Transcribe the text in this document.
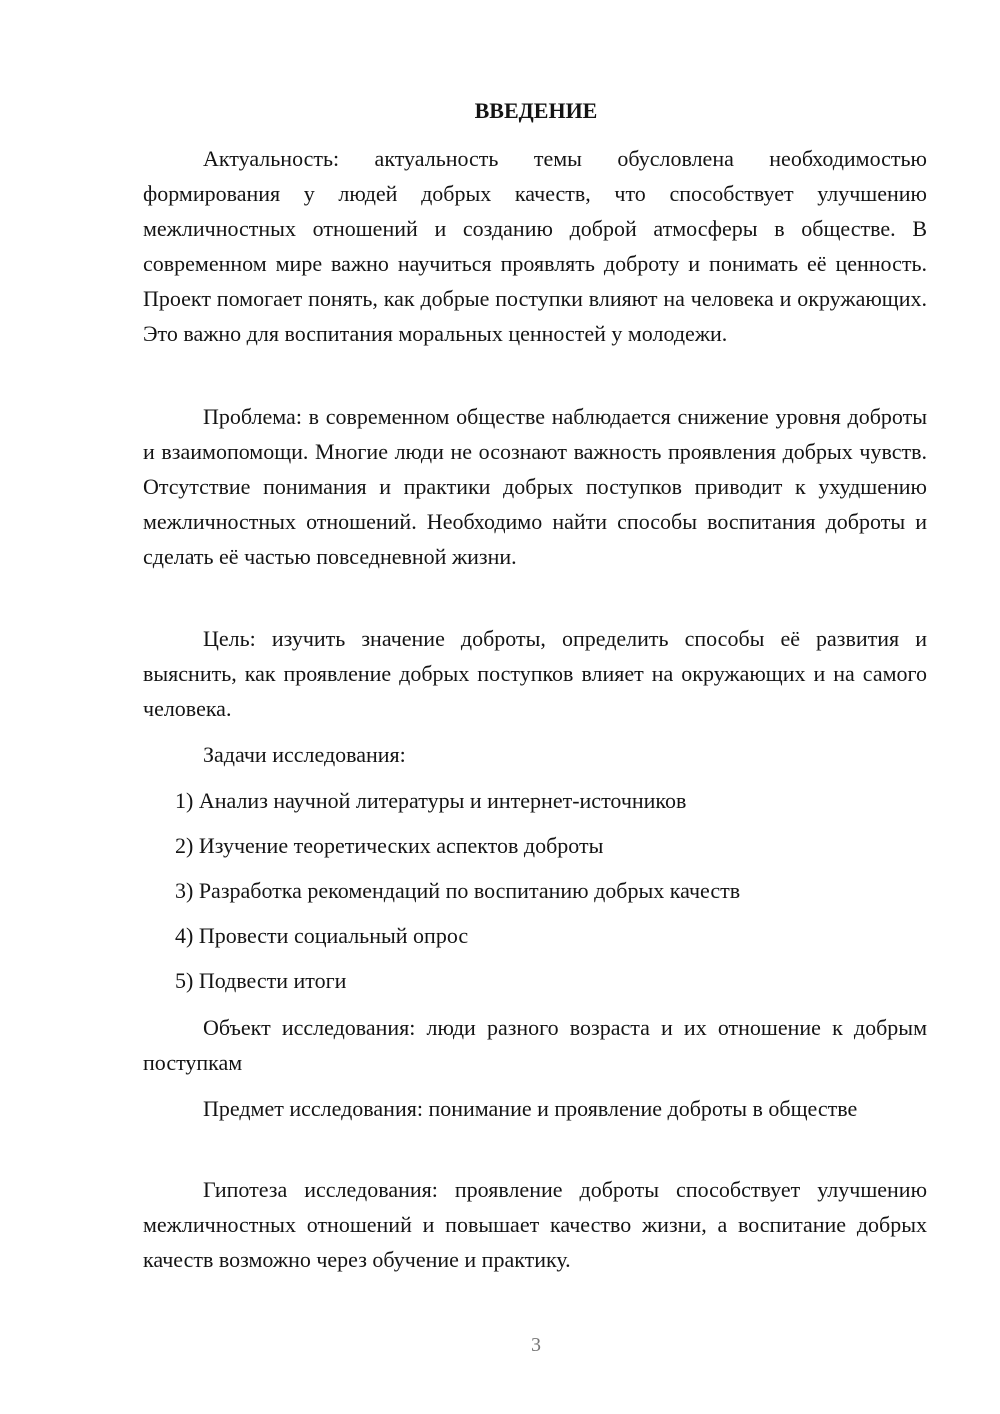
ВВЕДЕНИЕ

Актуальность: актуальность темы обусловлена необходимостью формирования у людей добрых качеств, что способствует улучшению межличностных отношений и созданию доброй атмосферы в обществе. В современном мире важно научиться проявлять доброту и понимать её ценность. Проект помогает понять, как добрые поступки влияют на человека и окружающих. Это важно для воспитания моральных ценностей у молодежи.

Проблема: в современном обществе наблюдается снижение уровня доброты и взаимопомощи. Многие люди не осознают важность проявления добрых чувств. Отсутствие понимания и практики добрых поступков приводит к ухудшению межличностных отношений. Необходимо найти способы воспитания доброты и сделать её частью повседневной жизни.

Цель: изучить значение доброты, определить способы её развития и выяснить, как проявление добрых поступков влияет на окружающих и на самого человека.

Задачи исследования:

1) Анализ научной литературы и интернет-источников

2) Изучение теоретических аспектов доброты

3) Разработка рекомендаций по воспитанию добрых качеств

4) Провести социальный опрос

5) Подвести итоги

Объект исследования: люди разного возраста и их отношение к добрым поступкам

Предмет исследования: понимание и проявление доброты в обществе

Гипотеза исследования: проявление доброты способствует улучшению межличностных отношений и повышает качество жизни, а воспитание добрых качеств возможно через обучение и практику.

3
